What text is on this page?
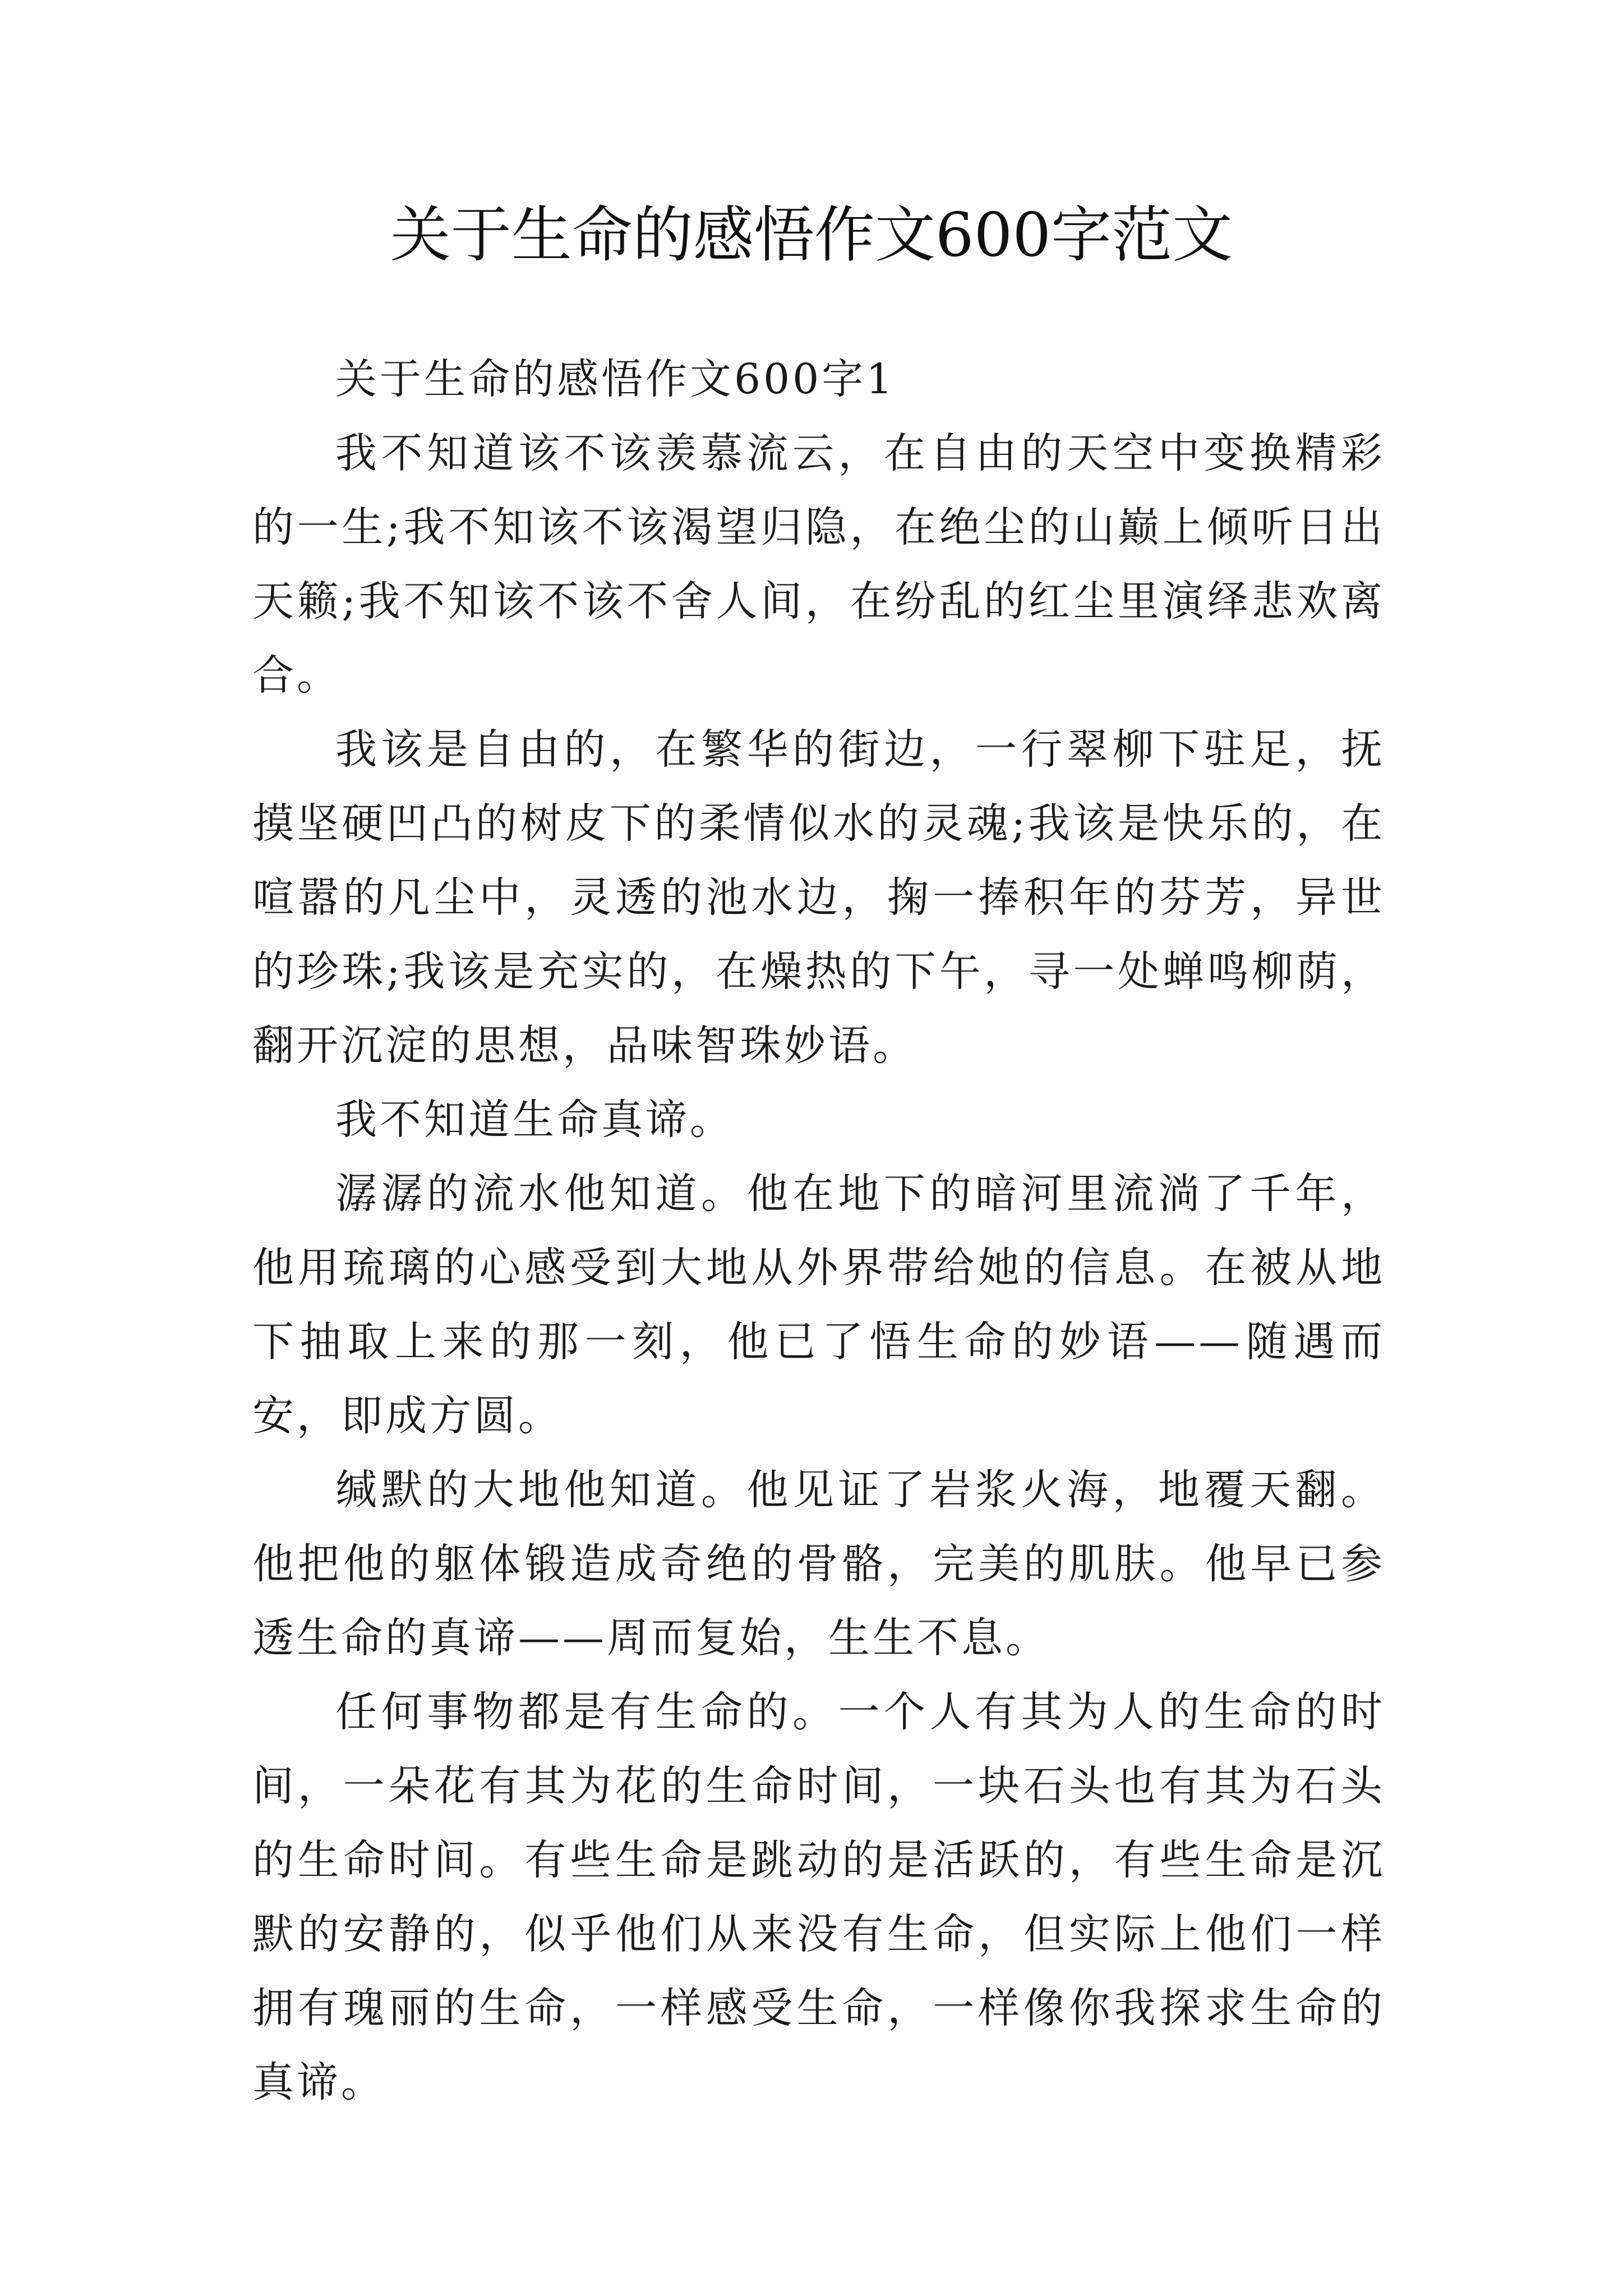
关于生命的感悟作文600字范文

关于生命的感悟作文600字1

我不知道该不该羡慕流云，在自由的天空中变换精彩的一生;我不知该不该渴望归隐，在绝尘的山巅上倾听日出天籁;我不知该不该不舍人间，在纷乱的红尘里演绎悲欢离合。

我该是自由的，在繁华的街边，一行翠柳下驻足，抚摸坚硬凹凸的树皮下的柔情似水的灵魂;我该是快乐的，在喧嚣的凡尘中，灵透的池水边，掬一捧积年的芬芳，异世的珍珠;我该是充实的，在燥热的下午，寻一处蝉鸣柳荫，翻开沉淀的思想，品味智珠妙语。

我不知道生命真谛。

潺潺的流水他知道。他在地下的暗河里流淌了千年，他用琉璃的心感受到大地从外界带给她的信息。在被从地下抽取上来的那一刻，他已了悟生命的妙语——随遇而安，即成方圆。

缄默的大地他知道。他见证了岩浆火海，地覆天翻。他把他的躯体锻造成奇绝的骨骼，完美的肌肤。他早已参透生命的真谛——周而复始，生生不息。

任何事物都是有生命的。一个人有其为人的生命的时间，一朵花有其为花的生命时间，一块石头也有其为石头的生命时间。有些生命是跳动的是活跃的，有些生命是沉默的安静的，似乎他们从来没有生命，但实际上他们一样拥有瑰丽的生命，一样感受生命，一样像你我探求生命的真谛。
